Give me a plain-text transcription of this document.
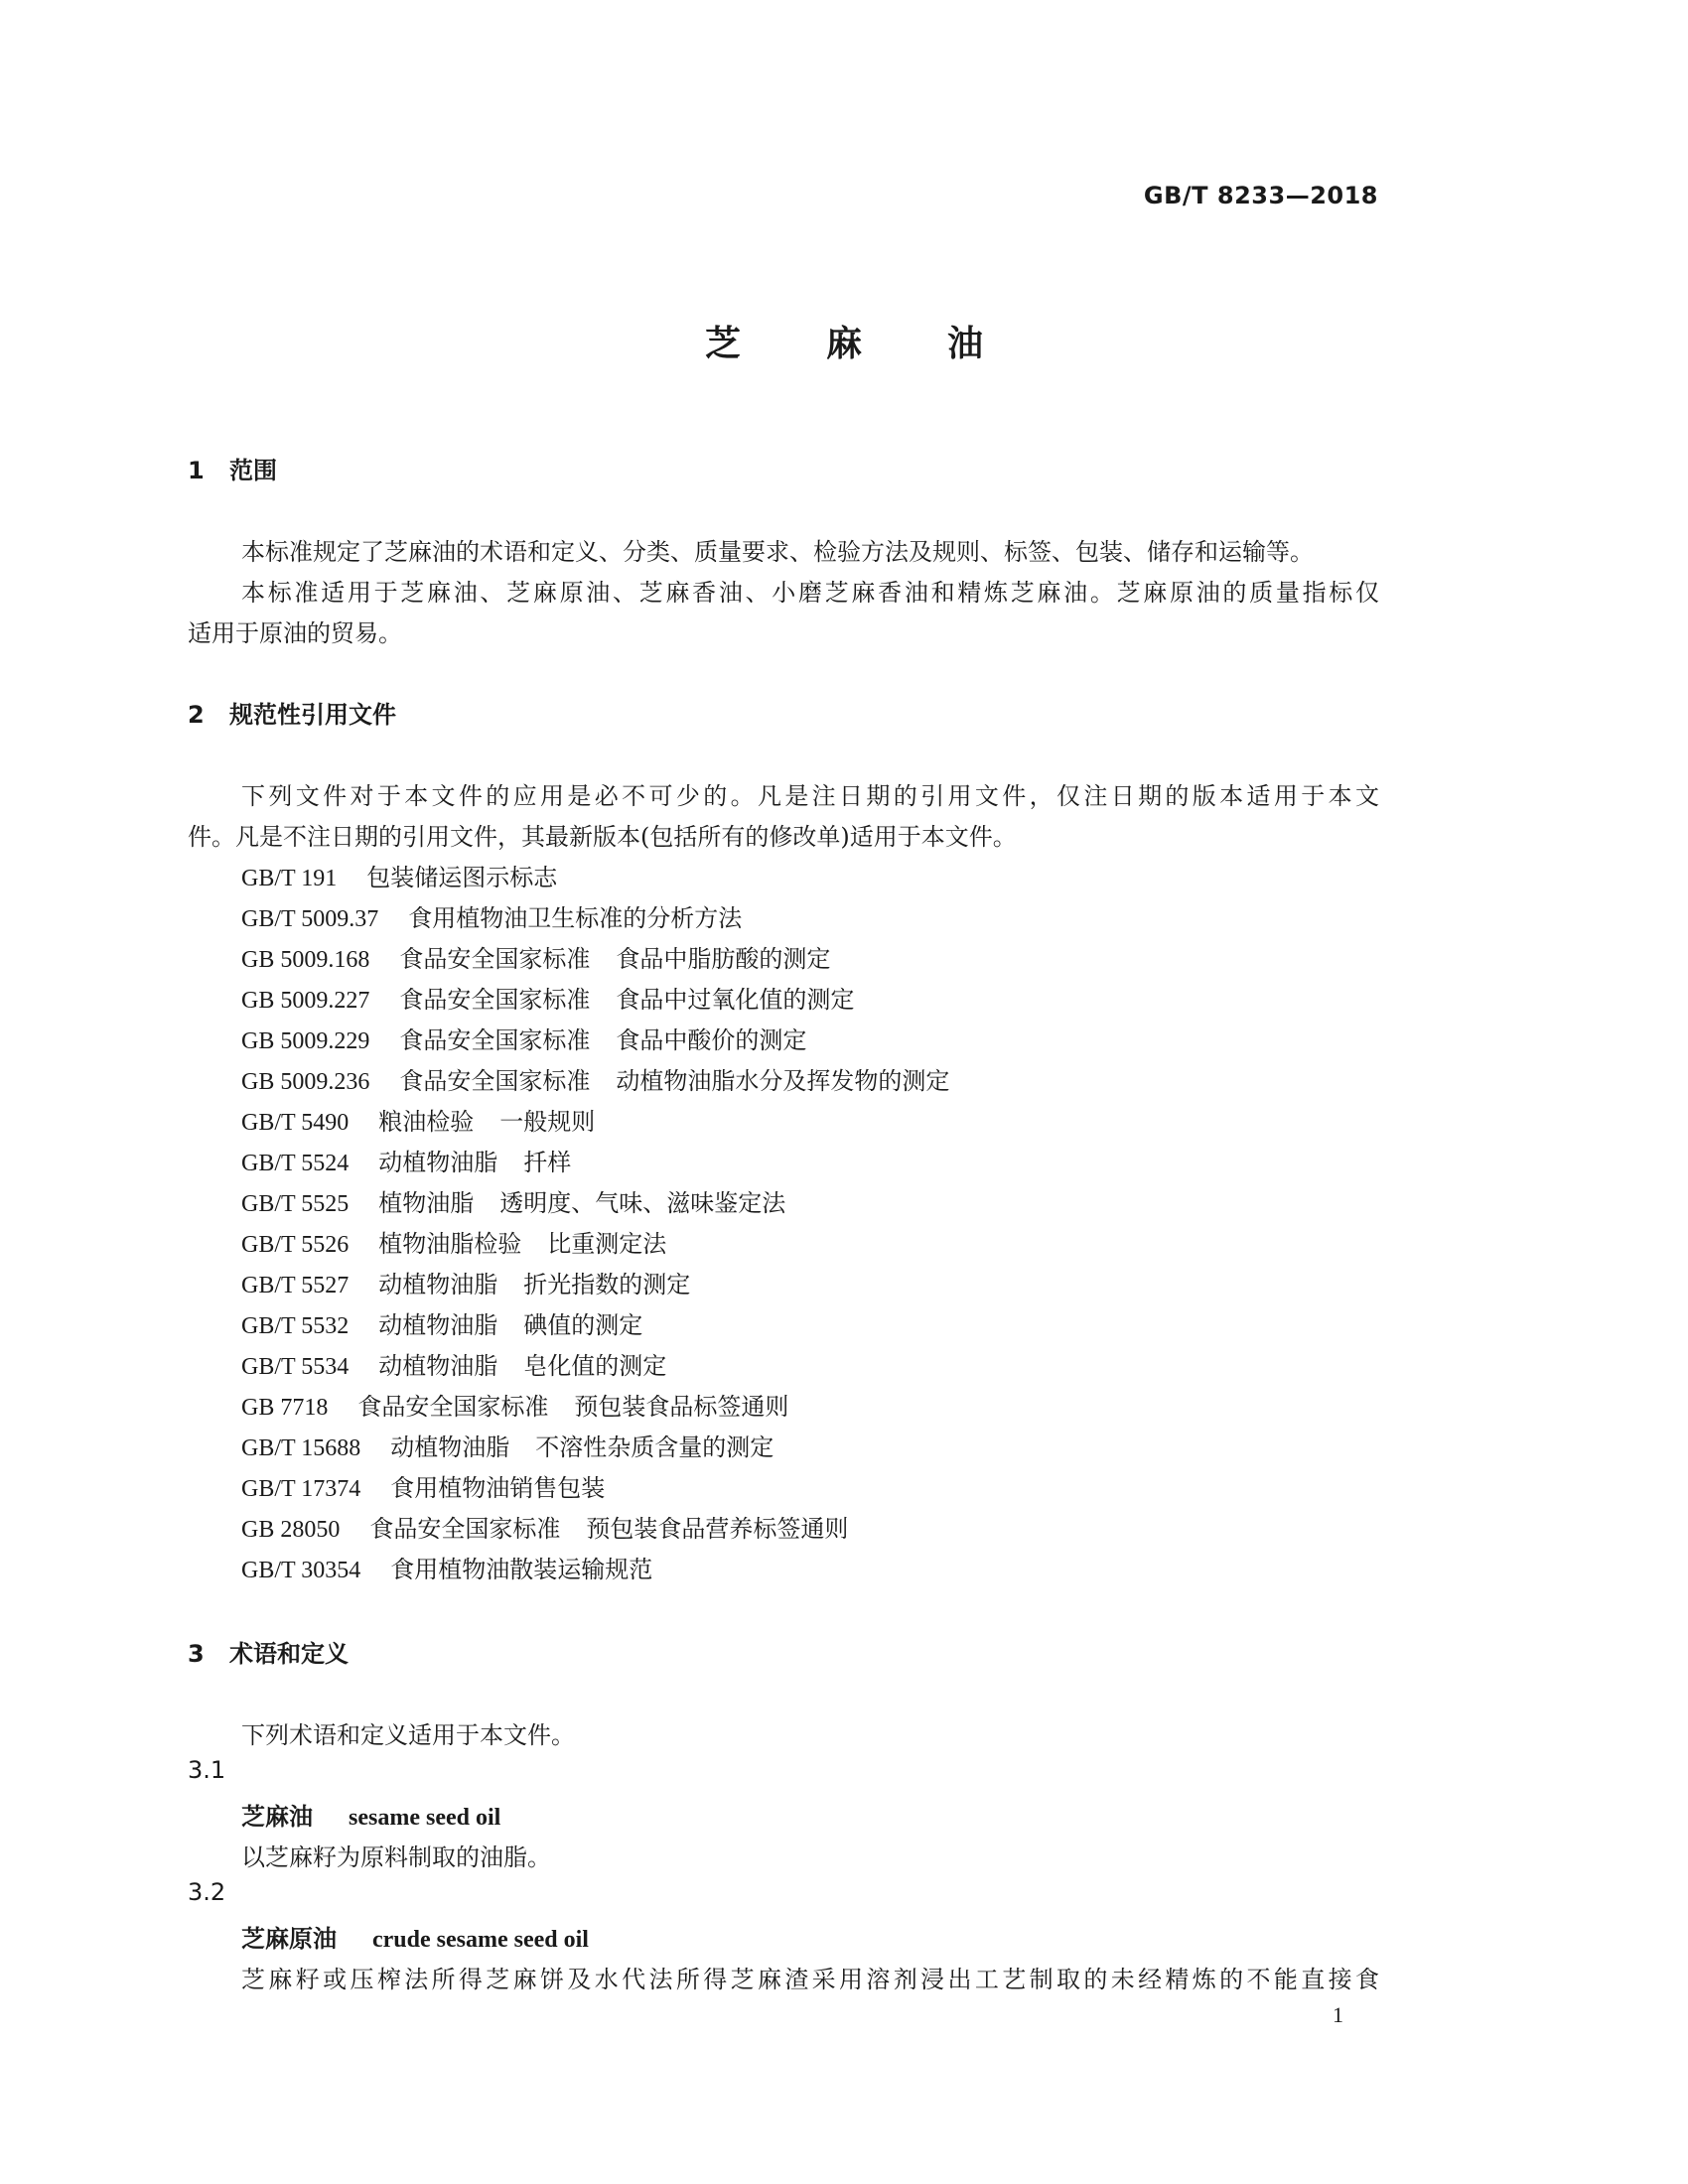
GB/T 8233—2018
芝麻油
1 范围
本标准规定了芝麻油的术语和定义、分类、质量要求、检验方法及规则、标签、包装、储存和运输等。
本标准适用于芝麻油、芝麻原油、芝麻香油、小磨芝麻香油和精炼芝麻油。芝麻原油的质量指标仅
适用于原油的贸易。
2 规范性引用文件
下列文件对于本文件的应用是必不可少的。凡是注日期的引用文件，仅注日期的版本适用于本文
件。凡是不注日期的引用文件，其最新版本(包括所有的修改单)适用于本文件。
GB/T 191 包装储运图示标志
GB/T 5009.37 食用植物油卫生标准的分析方法
GB 5009.168 食品安全国家标准 食品中脂肪酸的测定
GB 5009.227 食品安全国家标准 食品中过氧化值的测定
GB 5009.229 食品安全国家标准 食品中酸价的测定
GB 5009.236 食品安全国家标准 动植物油脂水分及挥发物的测定
GB/T 5490 粮油检验 一般规则
GB/T 5524 动植物油脂 扦样
GB/T 5525 植物油脂 透明度、气味、滋味鉴定法
GB/T 5526 植物油脂检验 比重测定法
GB/T 5527 动植物油脂 折光指数的测定
GB/T 5532 动植物油脂 碘值的测定
GB/T 5534 动植物油脂 皂化值的测定
GB 7718 食品安全国家标准 预包装食品标签通则
GB/T 15688 动植物油脂 不溶性杂质含量的测定
GB/T 17374 食用植物油销售包装
GB 28050 食品安全国家标准 预包装食品营养标签通则
GB/T 30354 食用植物油散装运输规范
3 术语和定义
下列术语和定义适用于本文件。
3.1
芝麻油 sesame seed oil
以芝麻籽为原料制取的油脂。
3.2
芝麻原油 crude sesame seed oil
芝麻籽或压榨法所得芝麻饼及水代法所得芝麻渣采用溶剂浸出工艺制取的未经精炼的不能直接食
1
